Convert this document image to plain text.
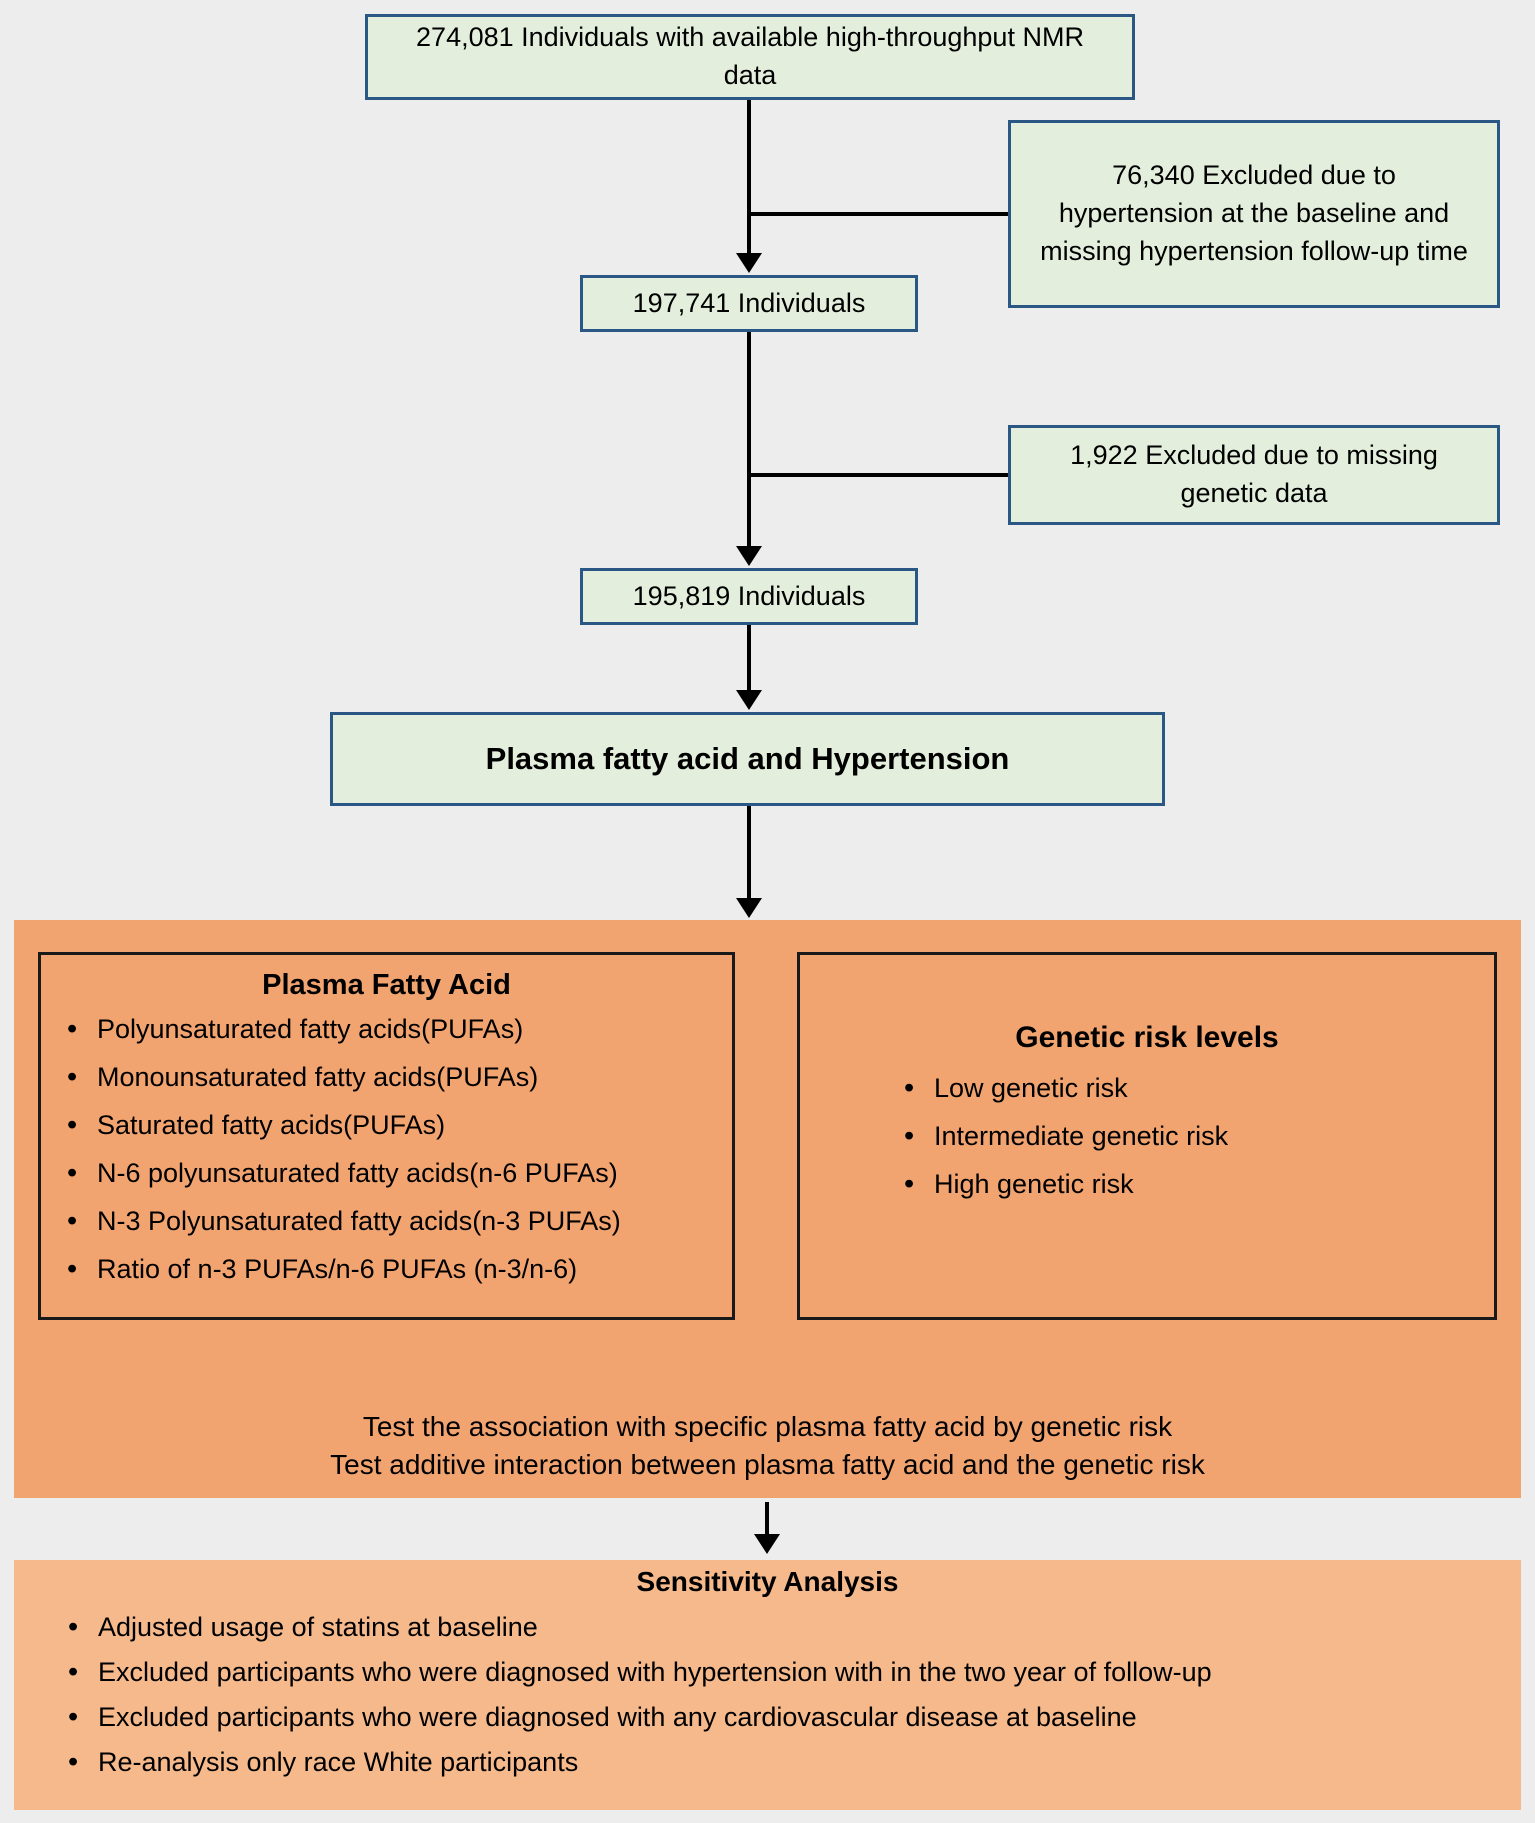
274,081 Individuals with available high-throughput NMR data
76,340 Excluded due to hypertension at the baseline and missing hypertension follow-up time
197,741 Individuals
1,922 Excluded due to missing genetic data
195,819 Individuals
Plasma fatty acid and Hypertension
Plasma Fatty Acid
• Polyunsaturated fatty acids(PUFAs)
• Monounsaturated fatty acids(PUFAs)
• Saturated fatty acids(PUFAs)
• N-6 polyunsaturated fatty acids(n-6 PUFAs)
• N-3 Polyunsaturated fatty acids(n-3 PUFAs)
• Ratio of n-3 PUFAs/n-6 PUFAs (n-3/n-6)
Genetic risk levels
• Low genetic risk
• Intermediate genetic risk
• High genetic risk
Test the association with specific plasma fatty acid by genetic risk
Test additive interaction between plasma fatty acid and the genetic risk
Sensitivity Analysis
• Adjusted usage of statins at baseline
• Excluded participants who were diagnosed with hypertension with in the two year of follow-up
• Excluded participants who were diagnosed with any cardiovascular disease at baseline
• Re-analysis only race White participants
